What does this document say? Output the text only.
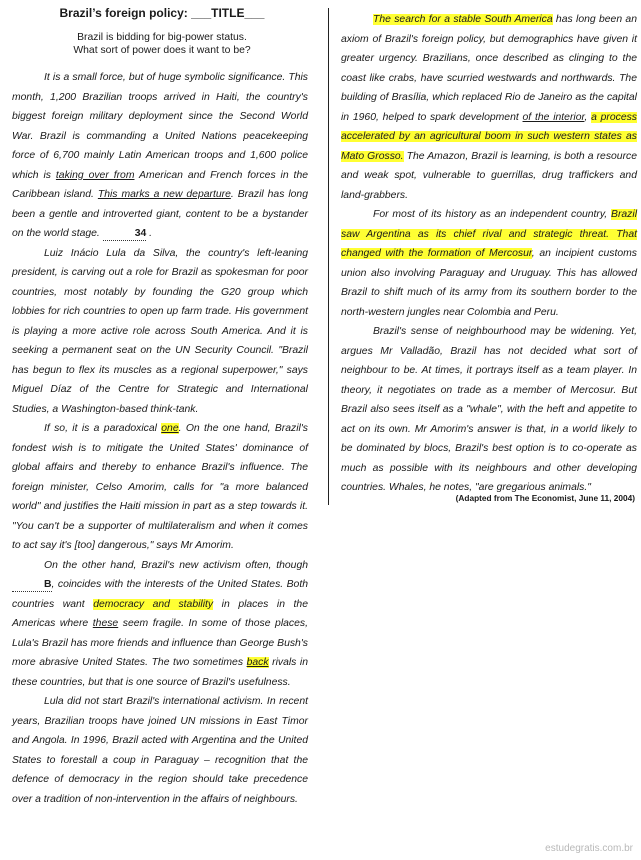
Brazil’s foreign policy: ___TITLE___
Brazil is bidding for big-power status.
What sort of power does it want to be?

It is a small force, but of huge symbolic significance. This month, 1,200 Brazilian troops arrived in Haiti, the country's biggest foreign military deployment since the Second World War. Brazil is commanding a United Nations peacekeeping force of 6,700 mainly Latin American troops and 1,600 police which is taking over from American and French forces in the Caribbean island. This marks a new departure. Brazil has long been a gentle and introverted giant, content to be a bystander on the world stage.	34 .

Luiz Inácio Lula da Silva, the country's left-leaning president, is carving out a role for Brazil as spokesman for poor countries, most notably by founding the G20 group which lobbies for rich countries to open up farm trade. His government is playing a more active role across South America. And it is seeking a permanent seat on the UN Security Council. "Brazil has begun to flex its muscles as a regional superpower," says Miguel Díaz of the Centre for Strategic and International Studies, a Washington-based think-tank.

If so, it is a paradoxical one. On the one hand, Brazil's fondest wish is to mitigate the United States' dominance of global affairs and thereby to enhance Brazil's influence. The foreign minister, Celso Amorim, calls for "a more balanced world" and justifies the Haiti mission in part as a step towards it. "You can't be a supporter of multilateralism and when it comes to act say it's [too] dangerous," says Mr Amorim.

On the other hand, Brazil's new activism often, though B, coincides with the interests of the United States. Both countries want democracy and stability in places in the Americas where these seem fragile. In some of those places, Lula's Brazil has more friends and influence than George Bush's more abrasive United States. The two sometimes back rivals in these countries, but that is one source of Brazil's usefulness.

Lula did not start Brazil's international activism. In recent years, Brazilian troops have joined UN missions in East Timor and Angola. In 1996, Brazil acted with Argentina and the United States to forestall a coup in Paraguay – recognition that the defence of democracy in the region should take precedence over a tradition of non-intervention in the affairs of neighbours.

The search for a stable South America has long been an axiom of Brazil's foreign policy, but demographics have given it greater urgency. Brazilians, once described as clinging to the coast like crabs, have scurried westwards and northwards. The building of Brasília, which replaced Rio de Janeiro as the capital in 1960, helped to spark development of the interior, a process accelerated by an agricultural boom in such western states as Mato Grosso. The Amazon, Brazil is learning, is both a resource and weak spot, vulnerable to guerrillas, drug traffickers and land-grabbers.

For most of its history as an independent country, Brazil saw Argentina as its chief rival and strategic threat. That changed with the formation of Mercosur, an incipient customs union also involving Paraguay and Uruguay. This has allowed Brazil to shift much of its army from its southern border to the north-western jungles near Colombia and Peru.

Brazil's sense of neighbourhood may be widening. Yet, argues Mr Valladão, Brazil has not decided what sort of neighbour to be. At times, it portrays itself as a team player. In theory, it negotiates on trade as a member of Mercosur. But Brazil also sees itself as a "whale", with the heft and appetite to act on its own. Mr Amorim's answer is that, in a world likely to be dominated by blocs, Brazil's best option is to co-operate as much as possible with its neighbours and other developing countries. Whales, he notes, "are gregarious animals."

(Adapted from The Economist, June 11, 2004)
estudegratis.com.br
